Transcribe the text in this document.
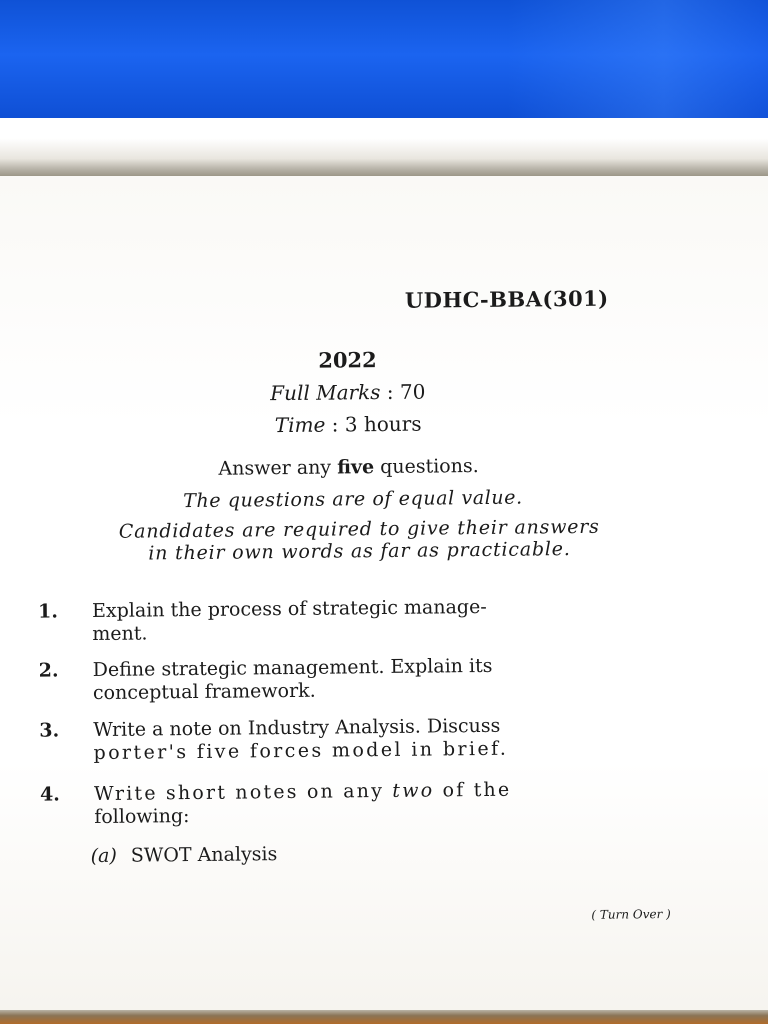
UDHC-BBA(301)
2022
Full Marks : 70
Time : 3 hours
Answer any five questions.
The questions are of equal value.
Candidates are required to give their answers
in their own words as far as practicable.
1. Explain the process of strategic manage-
ment.
2. Define strategic management. Explain its
conceptual framework.
3. Write a note on Industry Analysis. Discuss
porter's five forces model in brief.
4. Write short notes on any two of the
following:
(a) SWOT Analysis
( Turn Over )
